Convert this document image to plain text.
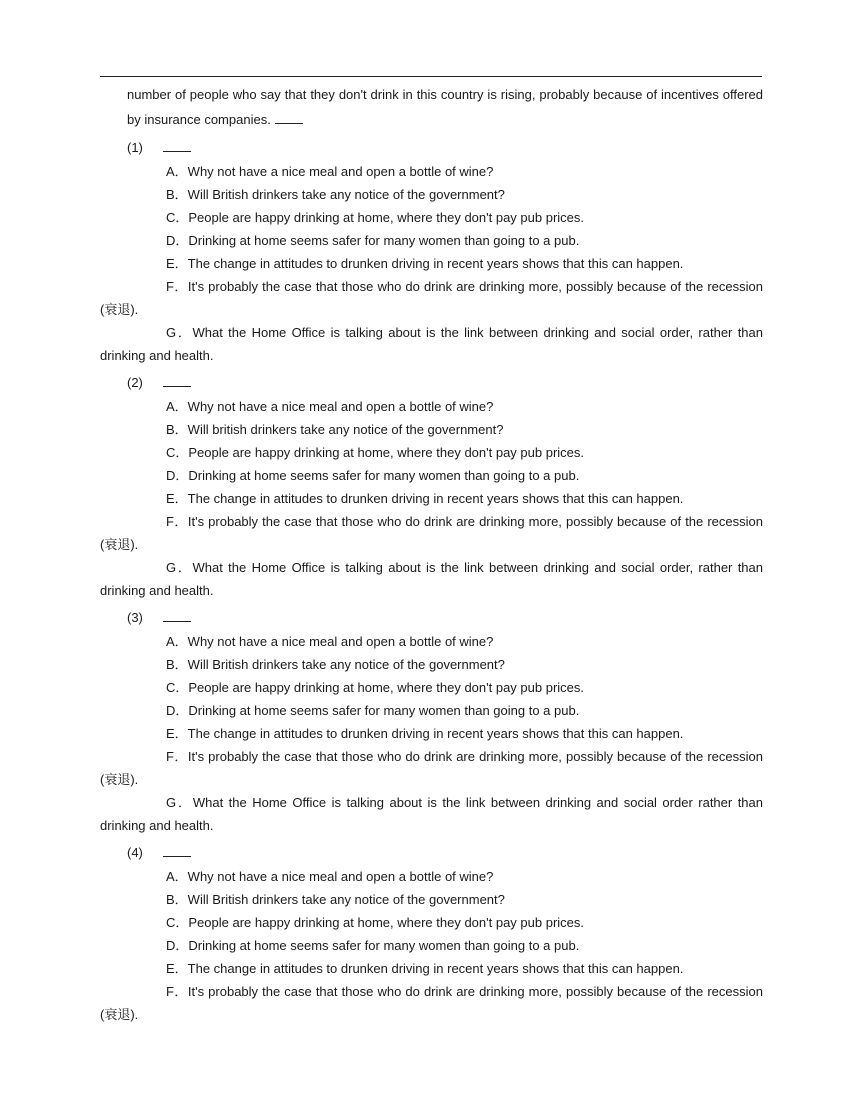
number of people who say that they don't drink in this country is rising, probably because of incentives offered by insurance companies.
(1)
A．Why not have a nice meal and open a bottle of wine?
B．Will British drinkers take any notice of the government?
C．People are happy drinking at home, where they don't pay pub prices.
D．Drinking at home seems safer for many women than going to a pub.
E．The change in attitudes to drunken driving in recent years shows that this can happen.
F．It's probably the case that those who do drink are drinking more, possibly because of the recession (衰退).
G．What the Home Office is talking about is the link between drinking and social order, rather than drinking and health.
(2)
A．Why not have a nice meal and open a bottle of wine?
B．Will british drinkers take any notice of the government?
C．People are happy drinking at home, where they don't pay pub prices.
D．Drinking at home seems safer for many women than going to a pub.
E．The change in attitudes to drunken driving in recent years shows that this can happen.
F．It's probably the case that those who do drink are drinking more, possibly because of the recession (衰退).
G．What the Home Office is talking about is the link between drinking and social order, rather than drinking and health.
(3)
A．Why not have a nice meal and open a bottle of wine?
B．Will British drinkers take any notice of the government?
C．People are happy drinking at home, where they don't pay pub prices.
D．Drinking at home seems safer for many women than going to a pub.
E．The change in attitudes to drunken driving in recent years shows that this can happen.
F．It's probably the case that those who do drink are drinking more, possibly because of the recession (衰退).
G．What the Home Office is talking about is the link between drinking and social order rather than drinking and health.
(4)
A．Why not have a nice meal and open a bottle of wine?
B．Will British drinkers take any notice of the government?
C．People are happy drinking at home, where they don't pay pub prices.
D．Drinking at home seems safer for many women than going to a pub.
E．The change in attitudes to drunken driving in recent years shows that this can happen.
F．It's probably the case that those who do drink are drinking more, possibly because of the recession (衰退).
